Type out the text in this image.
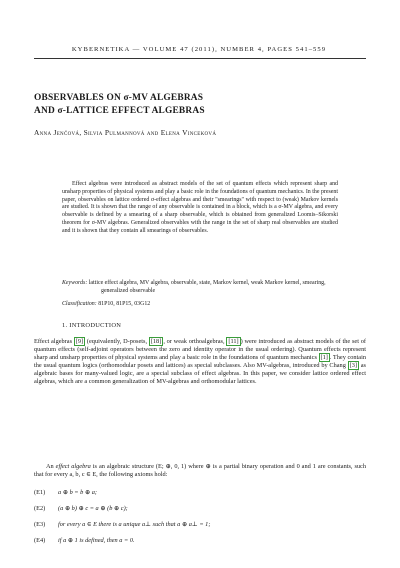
KYBERNETIKA — VOLUME 47 (2011), NUMBER 4, PAGES 541–559
OBSERVABLES ON σ-MV ALGEBRAS
AND σ-LATTICE EFFECT ALGEBRAS
Anna Jenčová, Silvia Pulmannová and Elena Vinceková
Effect algebras were introduced as abstract models of the set of quantum effects which represent sharp and unsharp properties of physical systems and play a basic role in the foundations of quantum mechanics. In the present paper, observables on lattice ordered σ-effect algebras and their "smearings" with respect to (weak) Markov kernels are studied. It is shown that the range of any observable is contained in a block, which is a σ-MV algebra, and every observable is defined by a smearing of a sharp observable, which is obtained from generalized Loomis–Sikorski theorem for σ-MV algebras. Generalized observables with the range in the set of sharp real observables are studied and it is shown that they contain all smearings of observables.
Keywords: lattice effect algebra, MV algebra, observable, state, Markov kernel, weak Markov kernel, smearing, generalized observable
Classification: 81P10, 81P15, 03G12
1. INTRODUCTION
Effect algebras [9] (equivalently, D-posets, [18] , or weak orthoalgebras, [11] ) were introduced as abstract models of the set of quantum effects (self-adjoint operators between the zero and identity operator in the usual ordering). Quantum effects represent sharp and unsharp properties of physical systems and play a basic role in the foundations of quantum mechanics [1] . They contain the usual quantum logics (orthomodular posets and lattices) as special subclasses. Also MV-algebras, introduced by Chang [3] as algebraic bases for many-valued logic, are a special subclass of effect algebras. In this paper, we consider lattice ordered effect algebras, which are a common generalization of MV-algebras and orthomodular lattices.
An effect algebra is an algebraic structure (E; ⊕, 0, 1) where ⊕ is a partial binary operation and 0 and 1 are constants, such that for every a, b, c ∈ E, the following axioms hold:
(E1) a ⊕ b = b ⊕ a;
(E2) (a ⊕ b) ⊕ c = a ⊕ (b ⊕ c);
(E3) for every a ∈ E there is a unique a⊥ such that a ⊕ a⊥ = 1;
(E4) if a ⊕ 1 is defined, then a = 0.
